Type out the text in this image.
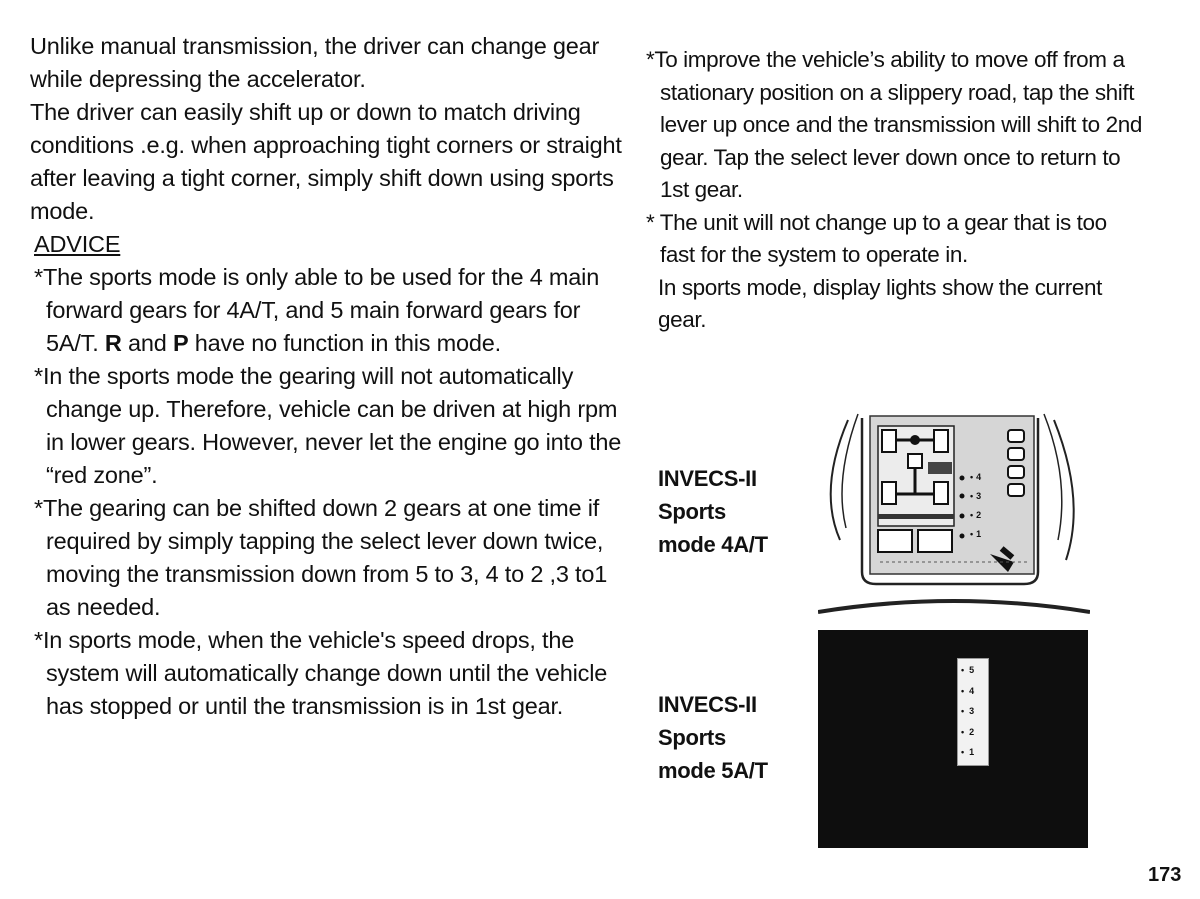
Unlike manual transmission, the driver can change gear while depressing the accelerator.

The driver can easily shift up or down to match driving conditions .e.g. when approaching tight corners or straight after leaving a tight corner, simply shift down using sports mode.

ADVICE

*The sports mode is only able to be used for the 4 main forward gears for 4A/T, and 5 main forward gears for 5A/T. R and P have no function in this mode.

*In the sports mode the gearing will not automatically change up. Therefore, vehicle can be driven at high rpm in lower gears. However, never let the engine go into the “red zone”.

*The gearing can be shifted down 2 gears at one time if required by simply tapping the select lever down twice, moving the transmission down from 5 to 3, 4 to 2 ,3 to1 as needed.

*In sports mode, when the vehicle's speed drops, the system will automatically change down until the vehicle has stopped or until the transmission is in 1st gear.

*To improve the vehicle’s ability to move off from a stationary position on a slippery road, tap the shift lever up once and the transmission will shift to 2nd gear. Tap the select lever down once to return to 1st gear.

* The unit will not change up to a gear that is too fast for the system to operate in.

In sports mode, display lights show the current gear.

INVECS-II
Sports
mode 4A/T
• 4
• 3
• 2
• 1
INVECS-II
Sports
mode 5A/T
• 5
• 4
• 3
• 2
• 1
173
